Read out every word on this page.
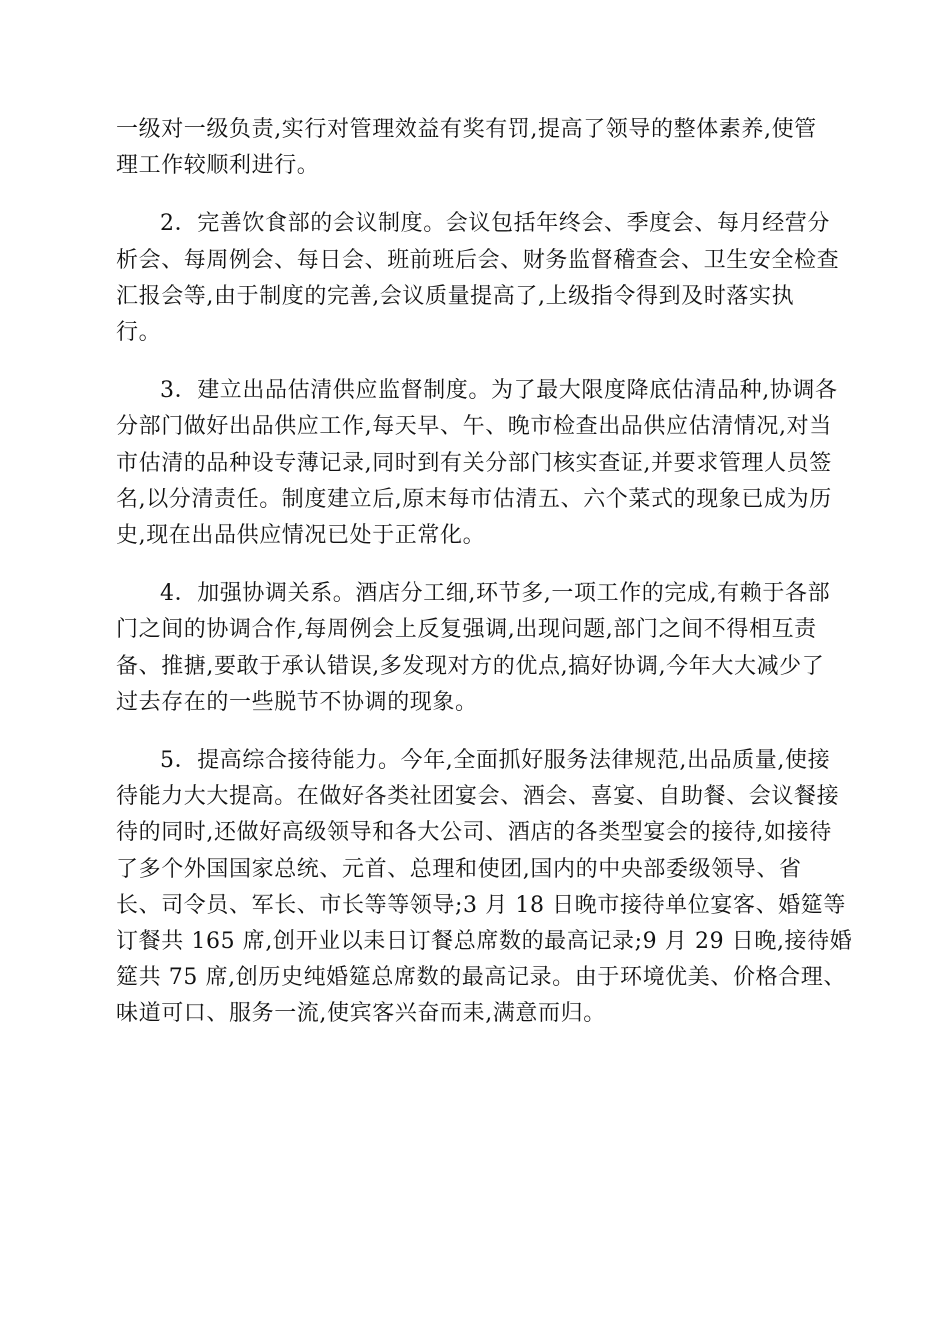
一级对一级负责,实行对管理效益有奖有罚,提高了领导的整体素养,使管
理工作较顺利进行。

2．完善饮食部的会议制度。会议包括年终会、季度会、每月经营分
析会、每周例会、每日会、班前班后会、财务监督稽查会、卫生安全检查
汇报会等,由于制度的完善,会议质量提高了,上级指令得到及时落实执
行。

3．建立出品估清供应监督制度。为了最大限度降底估清品种,协调各
分部门做好出品供应工作,每天早、午、晚市检查出品供应估清情况,对当
市估清的品种设专薄记录,同时到有关分部门核实查证,并要求管理人员签
名,以分清责任。制度建立后,原末每市估清五、六个菜式的现象已成为历
史,现在出品供应情况已处于正常化。

4．加强协调关系。酒店分工细,环节多,一项工作的完成,有赖于各部
门之间的协调合作,每周例会上反复强调,出现问题,部门之间不得相互责
备、推搪,要敢于承认错误,多发现对方的优点,搞好协调,今年大大减少了
过去存在的一些脱节不协调的现象。

5．提高综合接待能力。今年,全面抓好服务法律规范,出品质量,使接
待能力大大提高。在做好各类社团宴会、酒会、喜宴、自助餐、会议餐接
待的同时,还做好高级领导和各大公司、酒店的各类型宴会的接待,如接待
了多个外国国家总统、元首、总理和使团,国内的中央部委级领导、省
长、司令员、军长、市长等等领导;3 月 18 日晚市接待单位宴客、婚筵等
订餐共 165 席,创开业以耒日订餐总席数的最高记录;9 月 29 日晚,接待婚
筵共 75 席,创历史纯婚筵总席数的最高记录。由于环境优美、价格合理、
味道可口、服务一流,使宾客兴奋而耒,满意而归。
